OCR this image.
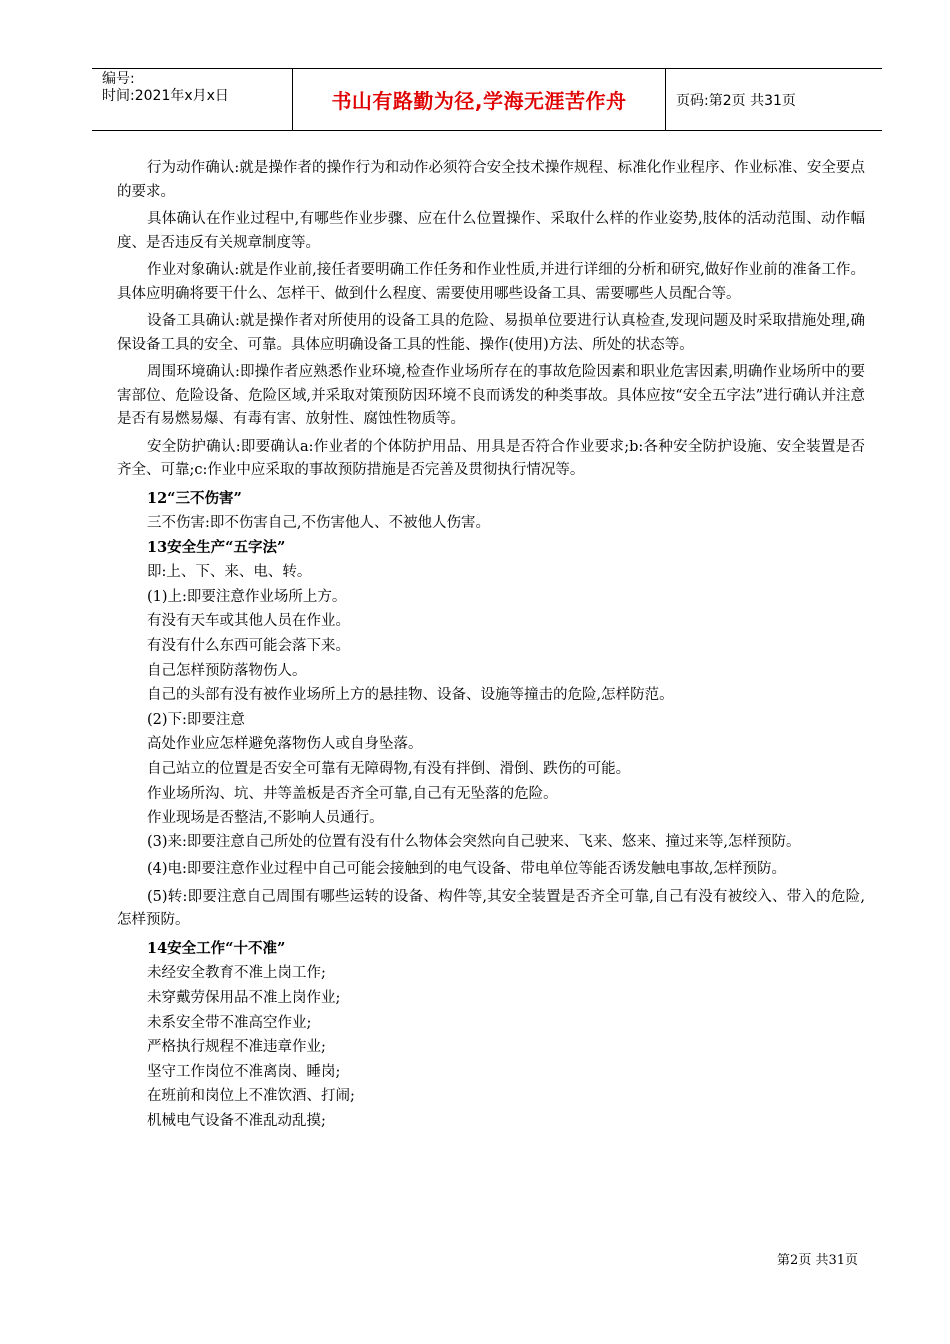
编号:
时间:2021年x月x日	书山有路勤为径,学海无涯苦作舟	页码:第2页 共31页

行为动作确认:就是操作者的操作行为和动作必须符合安全技术操作规程、标准化作业程序、作业标准、安全要点的要求。

具体确认在作业过程中,有哪些作业步骤、应在什么位置操作、采取什么样的作业姿势,肢体的活动范围、动作幅度、是否违反有关规章制度等。

作业对象确认:就是作业前,接任者要明确工作任务和作业性质,并进行详细的分析和研究,做好作业前的准备工作。具体应明确将要干什么、怎样干、做到什么程度、需要使用哪些设备工具、需要哪些人员配合等。

设备工具确认:就是操作者对所使用的设备工具的危险、易损单位要进行认真检查,发现问题及时采取措施处理,确保设备工具的安全、可靠。具体应明确设备工具的性能、操作(使用)方法、所处的状态等。

周围环境确认:即操作者应熟悉作业环境,检查作业场所存在的事故危险因素和职业危害因素,明确作业场所中的要害部位、危险设备、危险区域,并采取对策预防因环境不良而诱发的种类事故。具体应按“安全五字法”进行确认并注意是否有易燃易爆、有毒有害、放射性、腐蚀性物质等。

安全防护确认:即要确认a:作业者的个体防护用品、用具是否符合作业要求;b:各种安全防护设施、安全装置是否齐全、可靠;c:作业中应采取的事故预防措施是否完善及贯彻执行情况等。

12“三不伤害”
三不伤害:即不伤害自己,不伤害他人、不被他人伤害。
13安全生产“五字法”
即:上、下、来、电、转。
(1)上:即要注意作业场所上方。
有没有天车或其他人员在作业。
有没有什么东西可能会落下来。
自己怎样预防落物伤人。
自己的头部有没有被作业场所上方的悬挂物、设备、设施等撞击的危险,怎样防范。
(2)下:即要注意
高处作业应怎样避免落物伤人或自身坠落。
自己站立的位置是否安全可靠有无障碍物,有没有拌倒、滑倒、跌伤的可能。
作业场所沟、坑、井等盖板是否齐全可靠,自己有无坠落的危险。
作业现场是否整洁,不影响人员通行。

(3)来:即要注意自己所处的位置有没有什么物体会突然向自己驶来、飞来、悠来、撞过来等,怎样预防。

(4)电:即要注意作业过程中自己可能会接触到的电气设备、带电单位等能否诱发触电事故,怎样预防。

(5)转:即要注意自己周围有哪些运转的设备、构件等,其安全装置是否齐全可靠,自己有没有被绞入、带入的危险,怎样预防。

14安全工作“十不准”
未经安全教育不准上岗工作;
未穿戴劳保用品不准上岗作业;
未系安全带不准高空作业;
严格执行规程不准违章作业;
坚守工作岗位不准离岗、睡岗;
在班前和岗位上不准饮酒、打闹;
机械电气设备不准乱动乱摸;
第2页 共31页
